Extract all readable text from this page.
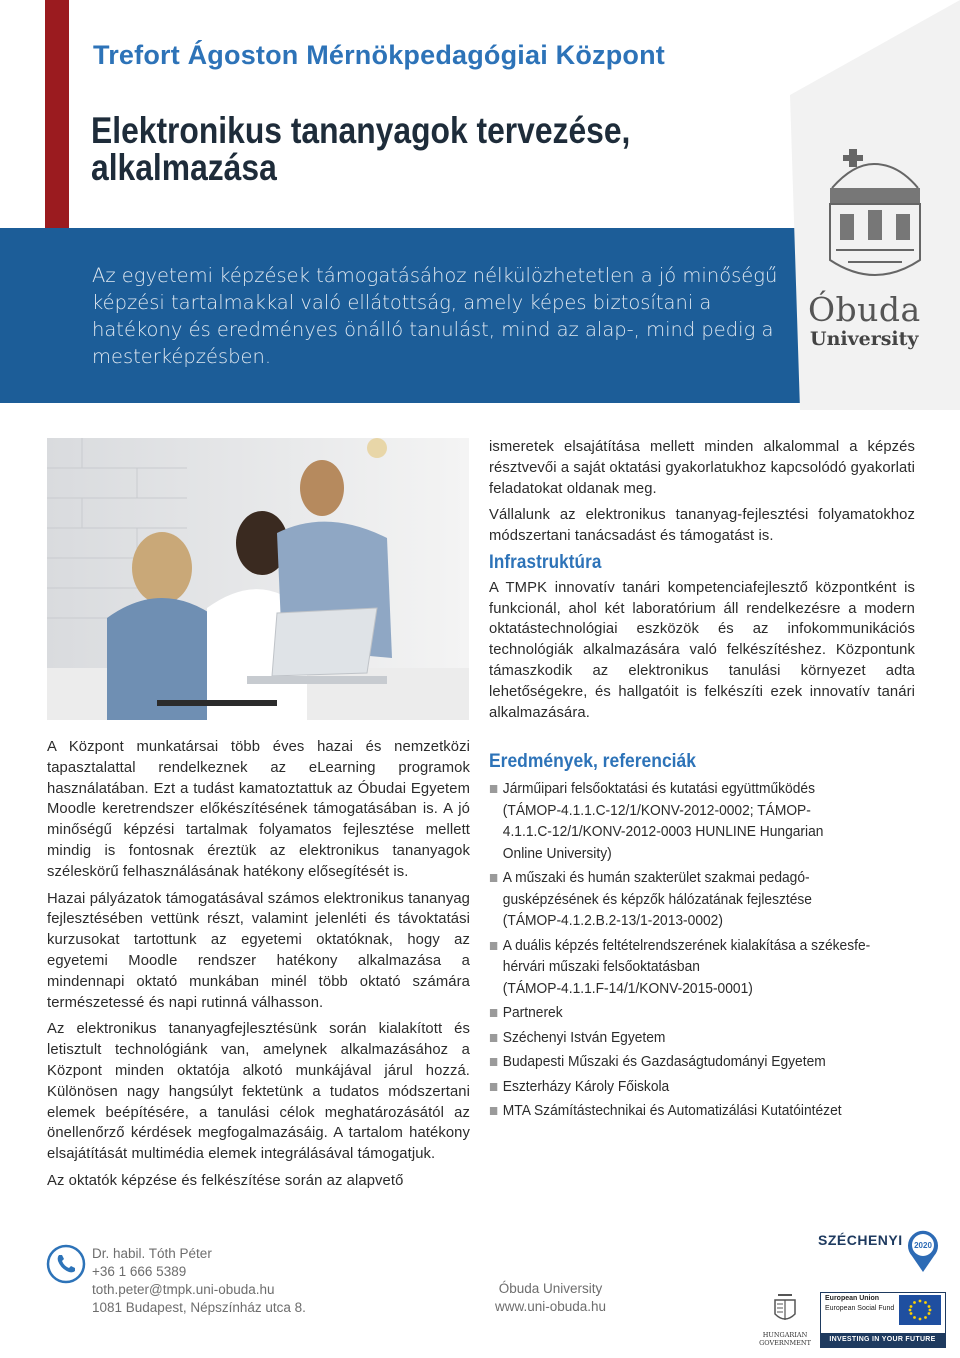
Trefort Ágoston Mérnökpedagógiai Központ
Elektronikus tananyagok tervezése,
alkalmazása
Az egyetemi képzések támogatásához nélkülözhetetlen a jó minőségű képzési tartalmakkal való ellátottság, amely képes biztosítani a hatékony és eredményes önálló tanulást, mind az alap-, mind pedig a mesterképzésben.
Óbuda
University

A Központ munkatársai több éves hazai és nemzetközi tapasztalattal rendelkeznek az eLearning programok használatában. Ezt a tudást kamatoztattuk az Óbudai Egyetem Moodle keretrendszer előkészítésének támogatásában is. A jó minőségű képzési tartalmak folyamatos fejlesztése mellett mindig is fontosnak éreztük az elektronikus tananyagok széleskörű felhasználásának hatékony elősegítését is.

Hazai pályázatok támogatásával számos elektronikus tananyag fejlesztésében vettünk részt, valamint jelenléti és távoktatási kurzusokat tartottunk az egyetemi oktatóknak, hogy az egyetemi Moodle rendszer hatékony alkalmazása a mindennapi oktató munkában minél több oktató számára természetessé és napi rutinná válhasson.

Az elektronikus tananyagfejlesztésünk során kialakított és letisztult technológiánk van, amelynek alkalmazásához a Központ minden oktatója alkotó munkájával járul hozzá. Különösen nagy hangsúlyt fektetünk a tudatos módszertani elemek beépítésére, a tanulási célok meghatározásától az önellenőrző kérdések megfogalmazásáig. A tartalom hatékony elsajátítását multimédia elemek integrálásával támogatjuk.

Az oktatók képzése és felkészítése során az alapvető

ismeretek elsajátítása mellett minden alkalommal a képzés résztvevői a saját oktatási gyakorlatukhoz kapcsolódó gyakorlati feladatokat oldanak meg.

Vállalunk az elektronikus tananyag-fejlesztési folyamatokhoz módszertani tanácsadást és támogatást is.

Infrastruktúra

A TMPK innovatív tanári kompetenciafejlesztő központként is funkcionál, ahol két laboratórium áll rendelkezésre a modern oktatástechnológiai eszközök és az infokommunikációs technológiák alkalmazására való felkészítéshez. Központunk támaszkodik az elektronikus tanulási környezet adta lehetőségekre, és hallgatóit is felkészíti ezek innovatív tanári alkalmazására.

Eredmények, referenciák
Járműipari felsőoktatási és kutatási együttműködés
(TÁMOP-4.1.1.C-12/1/KONV-2012-0002; TÁMOP-
4.1.1.C-12/1/KONV-2012-0003 HUNLINE Hungarian
Online University)
A műszaki és humán szakterület szakmai pedagó-
gusképzésének és képzők hálózatának fejlesztése
(TÁMOP-4.1.2.B.2-13/1-2013-0002)
A duális képzés feltételrendszerének kialakítása a székesfe-
hérvári műszaki felsőoktatásban
(TÁMOP-4.1.1.F-14/1/KONV-2015-0001)
Partnerek
Széchenyi István Egyetem
Budapesti Műszaki és Gazdaságtudományi Egyetem
Eszterházy Károly Főiskola
MTA Számítástechnikai és Automatizálási Kutatóintézet
Dr. habil. Tóth Péter
+36 1 666 5389
toth.peter@tmpk.uni-obuda.hu
1081 Budapest, Népszínház utca 8.
Óbuda University
www.uni-obuda.hu
SZÉCHENYI 2020
HUNGARIAN
GOVERNMENT
European Union
European Social Fund
INVESTING IN YOUR FUTURE
